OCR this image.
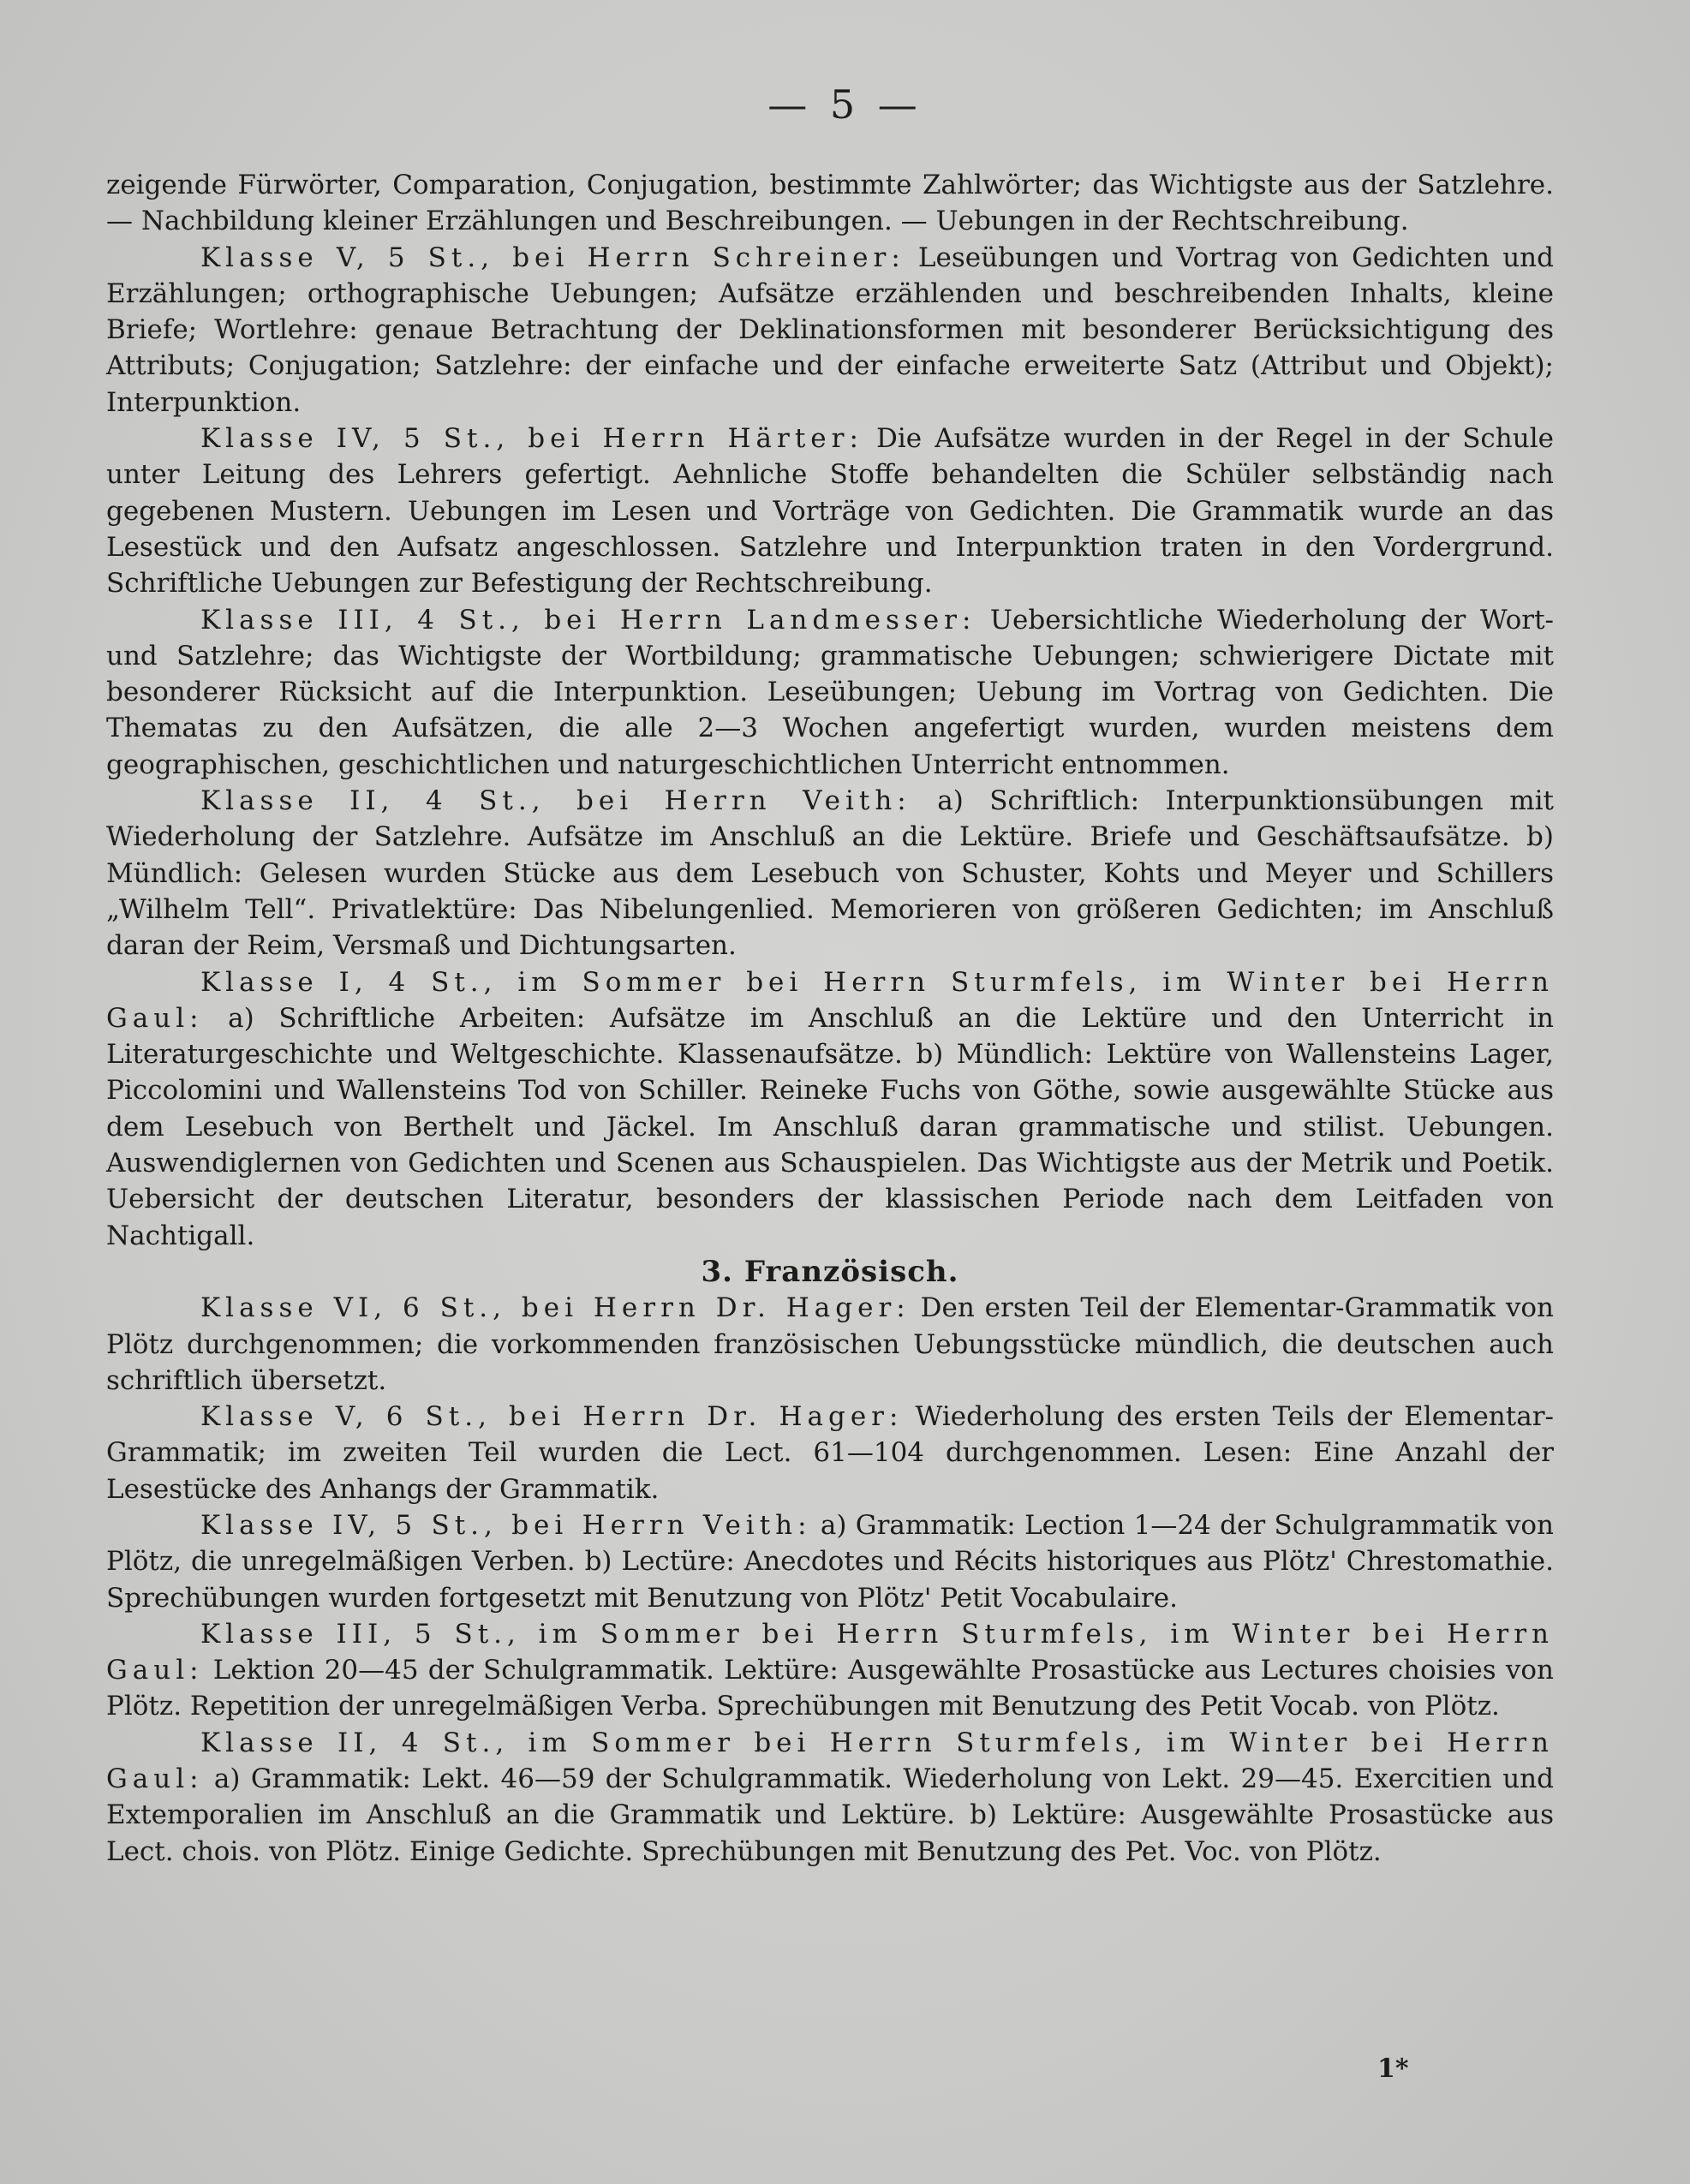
— 5 —

zeigende Fürwörter, Comparation, Conjugation, bestimmte Zahlwörter; das Wichtigste aus der Satzlehre. — Nachbildung kleiner Erzählungen und Beschreibungen. — Uebungen in der Rechtschreibung.

Klasse V, 5 St., bei Herrn Schreiner: Leseübungen und Vortrag von Gedichten und Erzählungen; orthographische Uebungen; Aufsätze erzählenden und beschreibenden Inhalts, kleine Briefe; Wortlehre: genaue Betrachtung der Deklinationsformen mit besonderer Berücksichtigung des Attributs; Conjugation; Satzlehre: der einfache und der einfache erweiterte Satz (Attribut und Objekt); Interpunktion.

Klasse IV, 5 St., bei Herrn Härter: Die Aufsätze wurden in der Regel in der Schule unter Leitung des Lehrers gefertigt. Aehnliche Stoffe behandelten die Schüler selbständig nach gegebenen Mustern. Uebungen im Lesen und Vorträge von Gedichten. Die Grammatik wurde an das Lesestück und den Aufsatz angeschlossen. Satzlehre und Interpunktion traten in den Vordergrund. Schriftliche Uebungen zur Befestigung der Rechtschreibung.

Klasse III, 4 St., bei Herrn Landmesser: Uebersichtliche Wiederholung der Wort- und Satzlehre; das Wichtigste der Wortbildung; grammatische Uebungen; schwierigere Dictate mit besonderer Rücksicht auf die Interpunktion. Leseübungen; Uebung im Vortrag von Gedichten. Die Thematas zu den Aufsätzen, die alle 2—3 Wochen angefertigt wurden, wurden meistens dem geographischen, geschichtlichen und naturgeschichtlichen Unterricht entnommen.

Klasse II, 4 St., bei Herrn Veith: a) Schriftlich: Interpunktionsübungen mit Wiederholung der Satzlehre. Aufsätze im Anschluß an die Lektüre. Briefe und Geschäftsaufsätze. b) Mündlich: Gelesen wurden Stücke aus dem Lesebuch von Schuster, Kohts und Meyer und Schillers „Wilhelm Tell“. Privatlektüre: Das Nibelungenlied. Memorieren von größeren Gedichten; im Anschluß daran der Reim, Versmaß und Dichtungsarten.

Klasse I, 4 St., im Sommer bei Herrn Sturmfels, im Winter bei Herrn Gaul: a) Schriftliche Arbeiten: Aufsätze im Anschluß an die Lektüre und den Unterricht in Literaturgeschichte und Weltgeschichte. Klassenaufsätze. b) Mündlich: Lektüre von Wallensteins Lager, Piccolomini und Wallensteins Tod von Schiller. Reineke Fuchs von Göthe, sowie ausgewählte Stücke aus dem Lesebuch von Berthelt und Jäckel. Im Anschluß daran grammatische und stilist. Uebungen. Auswendiglernen von Gedichten und Scenen aus Schauspielen. Das Wichtigste aus der Metrik und Poetik. Uebersicht der deutschen Literatur, besonders der klassischen Periode nach dem Leitfaden von Nachtigall.

3. Französisch.

Klasse VI, 6 St., bei Herrn Dr. Hager: Den ersten Teil der Elementar-Grammatik von Plötz durchgenommen; die vorkommenden französischen Uebungsstücke mündlich, die deutschen auch schriftlich übersetzt.

Klasse V, 6 St., bei Herrn Dr. Hager: Wiederholung des ersten Teils der Elementar-Grammatik; im zweiten Teil wurden die Lect. 61—104 durchgenommen. Lesen: Eine Anzahl der Lesestücke des Anhangs der Grammatik.

Klasse IV, 5 St., bei Herrn Veith: a) Grammatik: Lection 1—24 der Schulgrammatik von Plötz, die unregelmäßigen Verben. b) Lectüre: Anecdotes und Récits historiques aus Plötz' Chrestomathie. Sprechübungen wurden fortgesetzt mit Benutzung von Plötz' Petit Vocabulaire.

Klasse III, 5 St., im Sommer bei Herrn Sturmfels, im Winter bei Herrn Gaul: Lektion 20—45 der Schulgrammatik. Lektüre: Ausgewählte Prosastücke aus Lectures choisies von Plötz. Repetition der unregelmäßigen Verba. Sprechübungen mit Benutzung des Petit Vocab. von Plötz.

Klasse II, 4 St., im Sommer bei Herrn Sturmfels, im Winter bei Herrn Gaul: a) Grammatik: Lekt. 46—59 der Schulgrammatik. Wiederholung von Lekt. 29—45. Exercitien und Extemporalien im Anschluß an die Grammatik und Lektüre. b) Lektüre: Ausgewählte Prosastücke aus Lect. chois. von Plötz. Einige Gedichte. Sprechübungen mit Benutzung des Pet. Voc. von Plötz.

1*
